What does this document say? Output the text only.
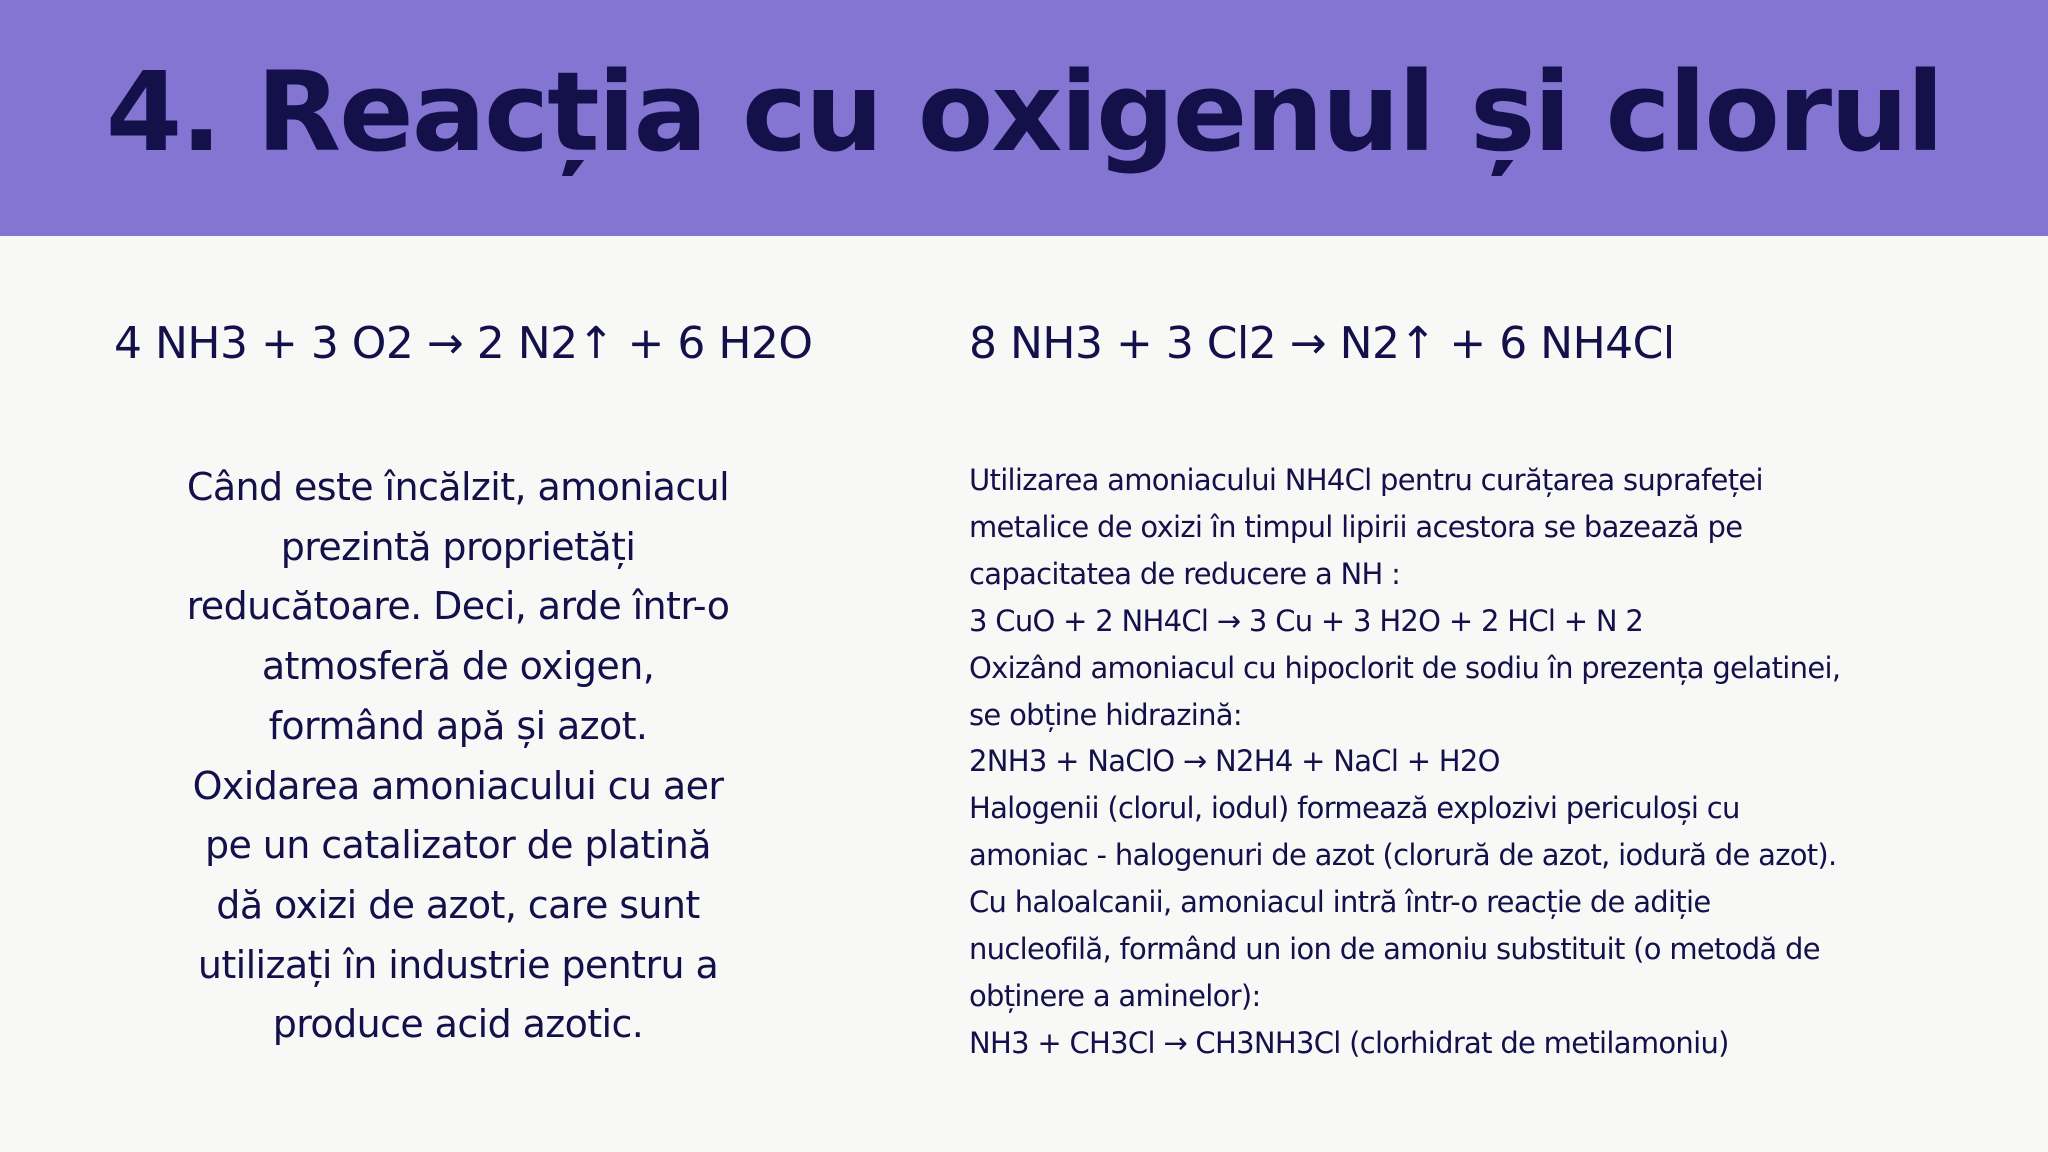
4. Reacția cu oxigenul și clorul
4 NH3 + 3 O2 → 2 N2↑ + 6 H2O	8 NH3 + 3 Cl2 → N2↑ + 6 NH4Cl

Când este încălzit, amoniacul
prezintă proprietăți
reducătoare. Deci, arde într-o
atmosferă de oxigen,
formând apă și azot.
Oxidarea amoniacului cu aer
pe un catalizator de platină
dă oxizi de azot, care sunt
utilizați în industrie pentru a
produce acid azotic.

Utilizarea amoniacului NH4Cl pentru curățarea suprafeței
metalice de oxizi în timpul lipirii acestora se bazează pe
capacitatea de reducere a NH :
3 CuO + 2 NH4Cl → 3 Cu + 3 H2O + 2 HCl + N 2
Oxizând amoniacul cu hipoclorit de sodiu în prezența gelatinei,
se obține hidrazină:
2NH3 + NaClO → N2H4 + NaCl + H2O
Halogenii (clorul, iodul) formează explozivi periculoși cu
amoniac - halogenuri de azot (clorură de azot, iodură de azot).
Cu haloalcanii, amoniacul intră într-o reacție de adiție
nucleofilă, formând un ion de amoniu substituit (o metodă de
obținere a aminelor):
NH3 + CH3Cl → CH3NH3Cl (clorhidrat de metilamoniu)
